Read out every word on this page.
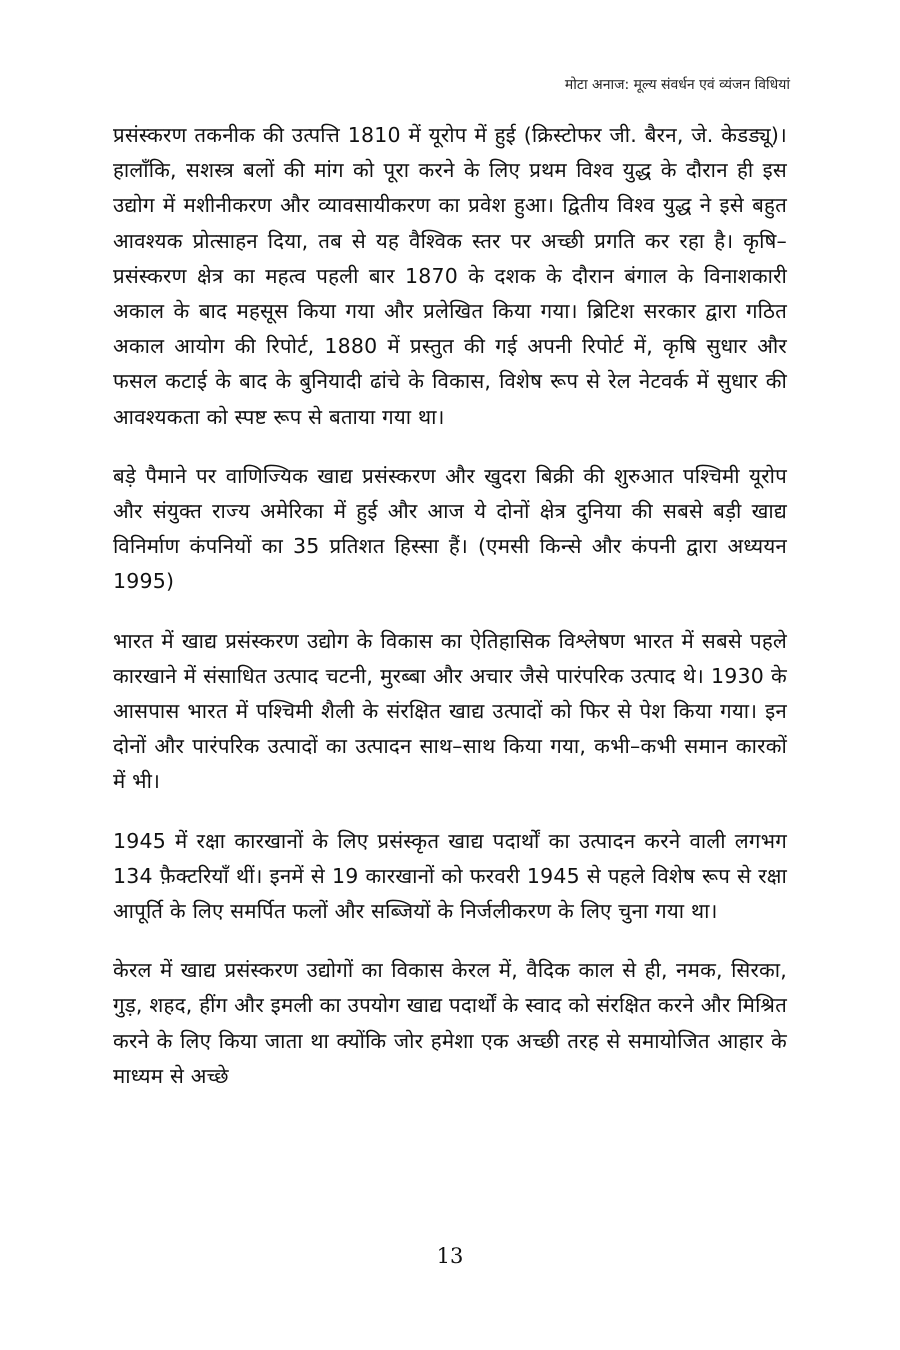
मोटा अनाज: मूल्य संवर्धन एवं व्यंजन विधियां

प्रसंस्करण तकनीक की उत्पत्ति 1810 में यूरोप में हुई (क्रिस्टोफर जी. बैरन, जे. केडड्यू)। हालाँकि, सशस्त्र बलों की मांग को पूरा करने के लिए प्रथम विश्व युद्ध के दौरान ही इस उद्योग में मशीनीकरण और व्यावसायीकरण का प्रवेश हुआ। द्वितीय विश्व युद्ध ने इसे बहुत आवश्यक प्रोत्साहन दिया, तब से यह वैश्विक स्तर पर अच्छी प्रगति कर रहा है। कृषि–प्रसंस्करण क्षेत्र का महत्व पहली बार 1870 के दशक के दौरान बंगाल के विनाशकारी अकाल के बाद महसूस किया गया और प्रलेखित किया गया। ब्रिटिश सरकार द्वारा गठित अकाल आयोग की रिपोर्ट, 1880 में प्रस्तुत की गई अपनी रिपोर्ट में, कृषि सुधार और फसल कटाई के बाद के बुनियादी ढांचे के विकास, विशेष रूप से रेल नेटवर्क में सुधार की आवश्यकता को स्पष्ट रूप से बताया गया था।

बड़े पैमाने पर वाणिज्यिक खाद्य प्रसंस्करण और खुदरा बिक्री की शुरुआत पश्चिमी यूरोप और संयुक्त राज्य अमेरिका में हुई और आज ये दोनों क्षेत्र दुनिया की सबसे बड़ी खाद्य विनिर्माण कंपनियों का 35 प्रतिशत हिस्सा हैं। (एमसी किन्से और कंपनी द्वारा अध्ययन 1995)

भारत में खाद्य प्रसंस्करण उद्योग के विकास का ऐतिहासिक विश्लेषण भारत में सबसे पहले कारखाने में संसाधित उत्पाद चटनी, मुरब्बा और अचार जैसे पारंपरिक उत्पाद थे। 1930 के आसपास भारत में पश्चिमी शैली के संरक्षित खाद्य उत्पादों को फिर से पेश किया गया। इन दोनों और पारंपरिक उत्पादों का उत्पादन साथ–साथ किया गया, कभी–कभी समान कारकों में भी।

1945 में रक्षा कारखानों के लिए प्रसंस्कृत खाद्य पदार्थों का उत्पादन करने वाली लगभग 134 फ़ैक्टरियाँ थीं। इनमें से 19 कारखानों को फरवरी 1945 से पहले विशेष रूप से रक्षा आपूर्ति के लिए समर्पित फलों और सब्जियों के निर्जलीकरण के लिए चुना गया था।

केरल में खाद्य प्रसंस्करण उद्योगों का विकास केरल में, वैदिक काल से ही, नमक, सिरका, गुड़, शहद, हींग और इमली का उपयोग खाद्य पदार्थों के स्वाद को संरक्षित करने और मिश्रित करने के लिए किया जाता था क्योंकि जोर हमेशा एक अच्छी तरह से समायोजित आहार के माध्यम से अच्छे

13
